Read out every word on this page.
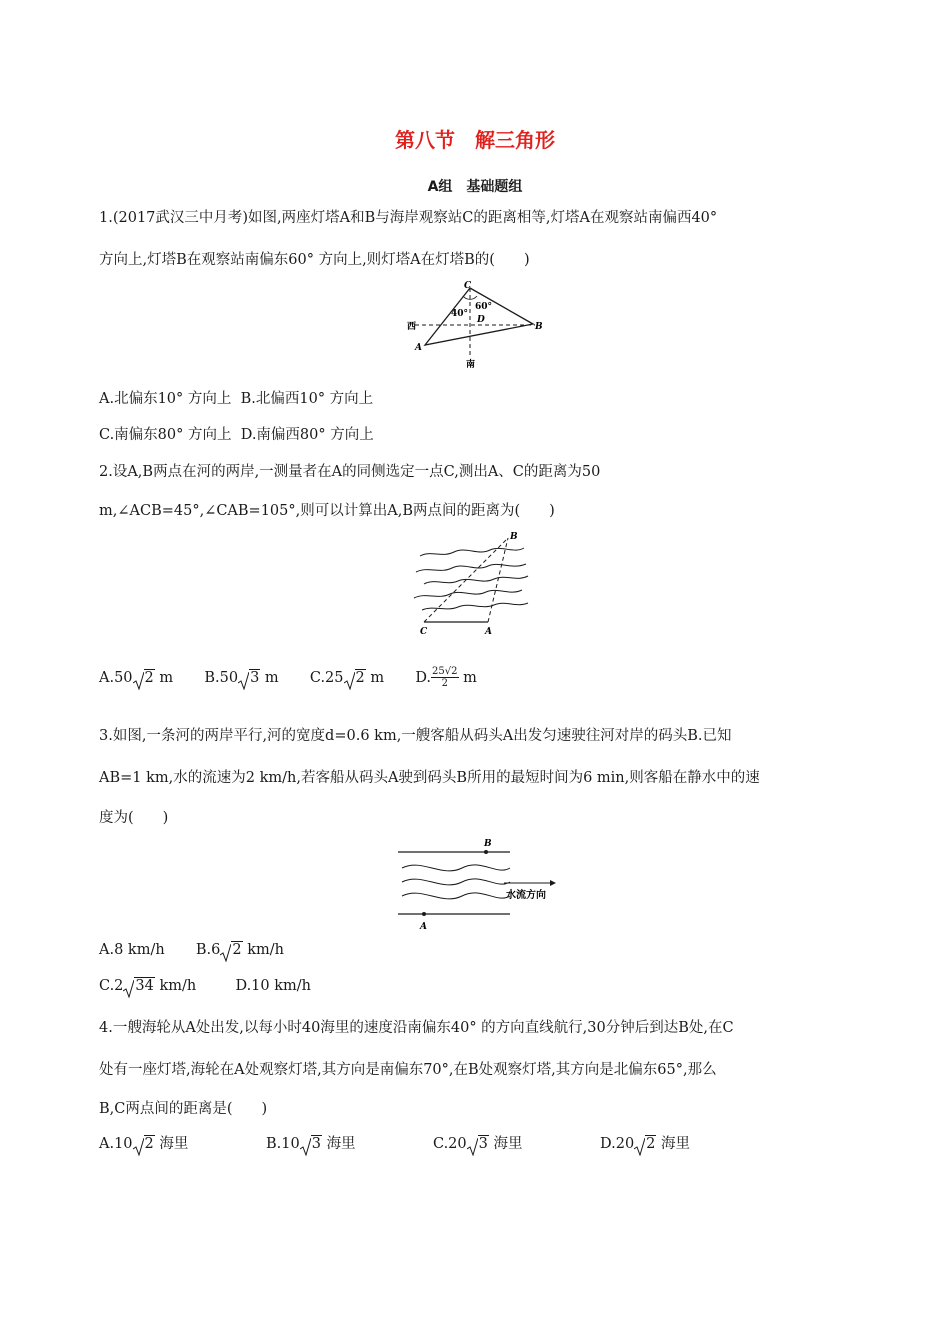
第八节　解三角形
A组　基础题组
1.(2017武汉三中月考)如图,两座灯塔A和B与海岸观察站C的距离相等,灯塔A在观察站南偏西40°
方向上,灯塔B在观察站南偏东60° 方向上,则灯塔A在灯塔B的(　　)
C
60°
40°
D
B
西
A
南
A.北偏东10° 方向上 B.北偏西10° 方向上
C.南偏东80° 方向上 D.南偏西80° 方向上
2.设A,B两点在河的两岸,一测量者在A的同侧选定一点C,测出A、C的距离为50
m,∠ACB=45°,∠CAB=105°,则可以计算出A,B两点间的距离为(　　)
B
C	A
A.50 2 m B.50 3 m C.25 2 m D. $\frac{25√2}{2}$ m
3.如图,一条河的两岸平行,河的宽度d=0.6 km,一艘客船从码头A出发匀速驶往河对岸的码头B.已知
AB=1 km,水的流速为2 km/h,若客船从码头A驶到码头B所用的最短时间为6 min,则客船在静水中的速
度为(　　)
B
A
水流方向
A.8 km/h B.6 2 km/h
C.2 34 km/h	D.10 km/h
4.一艘海轮从A处出发,以每小时40海里的速度沿南偏东40° 的方向直线航行,30分钟后到达B处,在C
处有一座灯塔,海轮在A处观察灯塔,其方向是南偏东70°,在B处观察灯塔,其方向是北偏东65°,那么
B,C两点间的距离是(　　)
A.10 2 海里	B.10 3 海里	C.20 3 海里	D.20 2 海里
